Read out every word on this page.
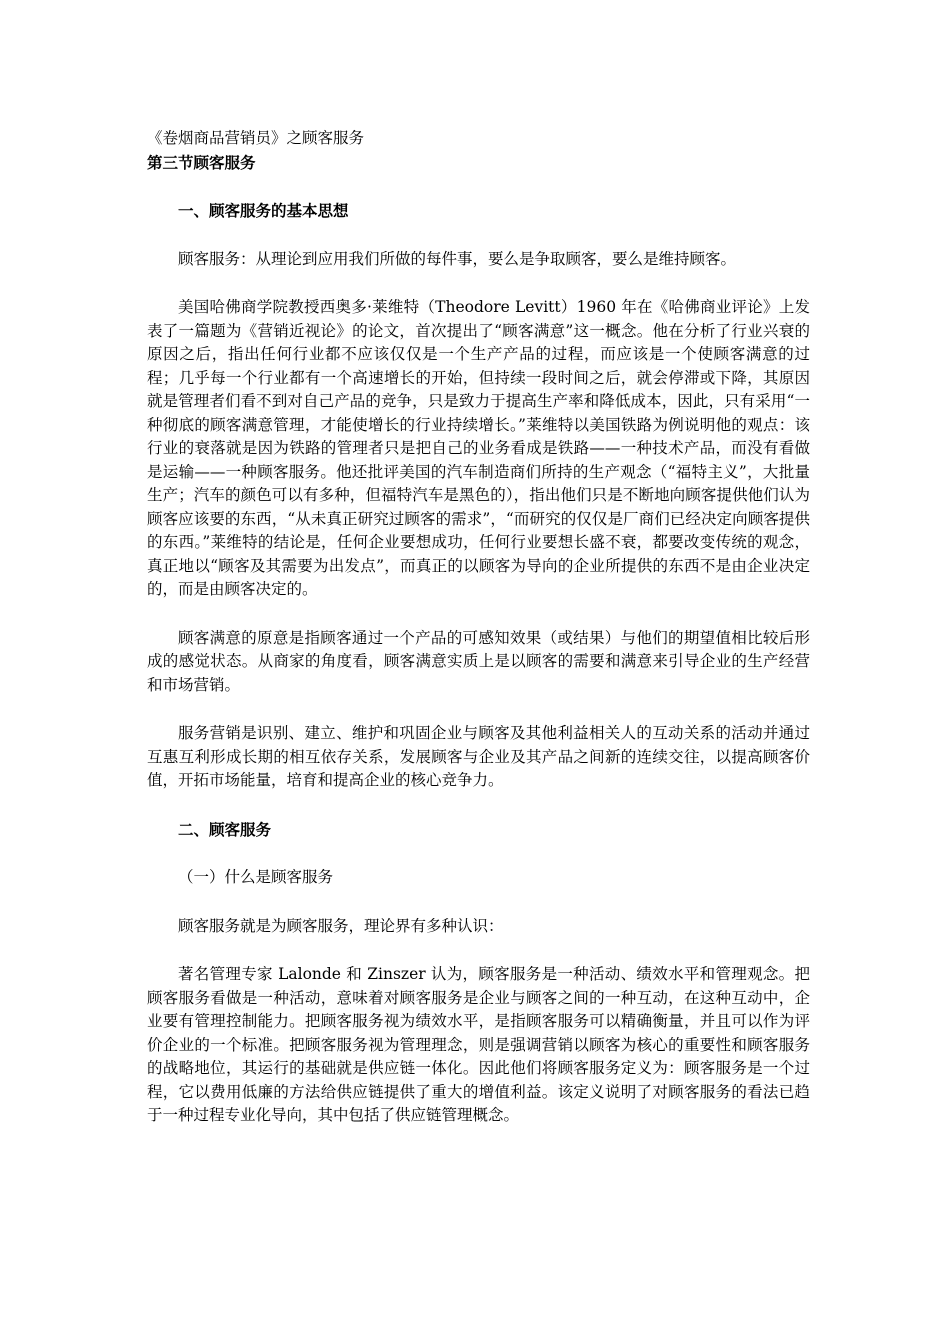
《卷烟商品营销员》之顾客服务

第三节顾客服务

一、顾客服务的基本思想

顾客服务：从理论到应用我们所做的每件事，要么是争取顾客，要么是维持顾客。

美国哈佛商学院教授西奥多·莱维特（Theodore Levitt）1960 年在《哈佛商业评论》上发表了一篇题为《营销近视论》的论文，首次提出了“顾客满意”这一概念。他在分析了行业兴衰的原因之后，指出任何行业都不应该仅仅是一个生产产品的过程，而应该是一个使顾客满意的过程；几乎每一个行业都有一个高速增长的开始，但持续一段时间之后，就会停滞或下降，其原因就是管理者们看不到对自己产品的竞争，只是致力于提高生产率和降低成本，因此，只有采用“一种彻底的顾客满意管理，才能使增长的行业持续增长。”莱维特以美国铁路为例说明他的观点：该行业的衰落就是因为铁路的管理者只是把自己的业务看成是铁路——一种技术产品，而没有看做是运输——一种顾客服务。他还批评美国的汽车制造商们所持的生产观念（“福特主义”，大批量生产；汽车的颜色可以有多种，但福特汽车是黑色的），指出他们只是不断地向顾客提供他们认为顾客应该要的东西，“从未真正研究过顾客的需求”，“而研究的仅仅是厂商们已经决定向顾客提供的东西。”莱维特的结论是，任何企业要想成功，任何行业要想长盛不衰，都要改变传统的观念，真正地以“顾客及其需要为出发点”，而真正的以顾客为导向的企业所提供的东西不是由企业决定的，而是由顾客决定的。

顾客满意的原意是指顾客通过一个产品的可感知效果（或结果）与他们的期望值相比较后形成的感觉状态。从商家的角度看，顾客满意实质上是以顾客的需要和满意来引导企业的生产经营和市场营销。

服务营销是识别、建立、维护和巩固企业与顾客及其他利益相关人的互动关系的活动并通过互惠互利形成长期的相互依存关系，发展顾客与企业及其产品之间新的连续交往，以提高顾客价值，开拓市场能量，培育和提高企业的核心竞争力。

二、顾客服务

（一）什么是顾客服务

顾客服务就是为顾客服务，理论界有多种认识：

著名管理专家 Lalonde 和 Zinszer 认为，顾客服务是一种活动、绩效水平和管理观念。把顾客服务看做是一种活动，意味着对顾客服务是企业与顾客之间的一种互动，在这种互动中，企业要有管理控制能力。把顾客服务视为绩效水平，是指顾客服务可以精确衡量，并且可以作为评价企业的一个标准。把顾客服务视为管理理念，则是强调营销以顾客为核心的重要性和顾客服务的战略地位，其运行的基础就是供应链一体化。因此他们将顾客服务定义为：顾客服务是一个过程，它以费用低廉的方法给供应链提供了重大的增值利益。该定义说明了对顾客服务的看法已趋于一种过程专业化导向，其中包括了供应链管理概念。
